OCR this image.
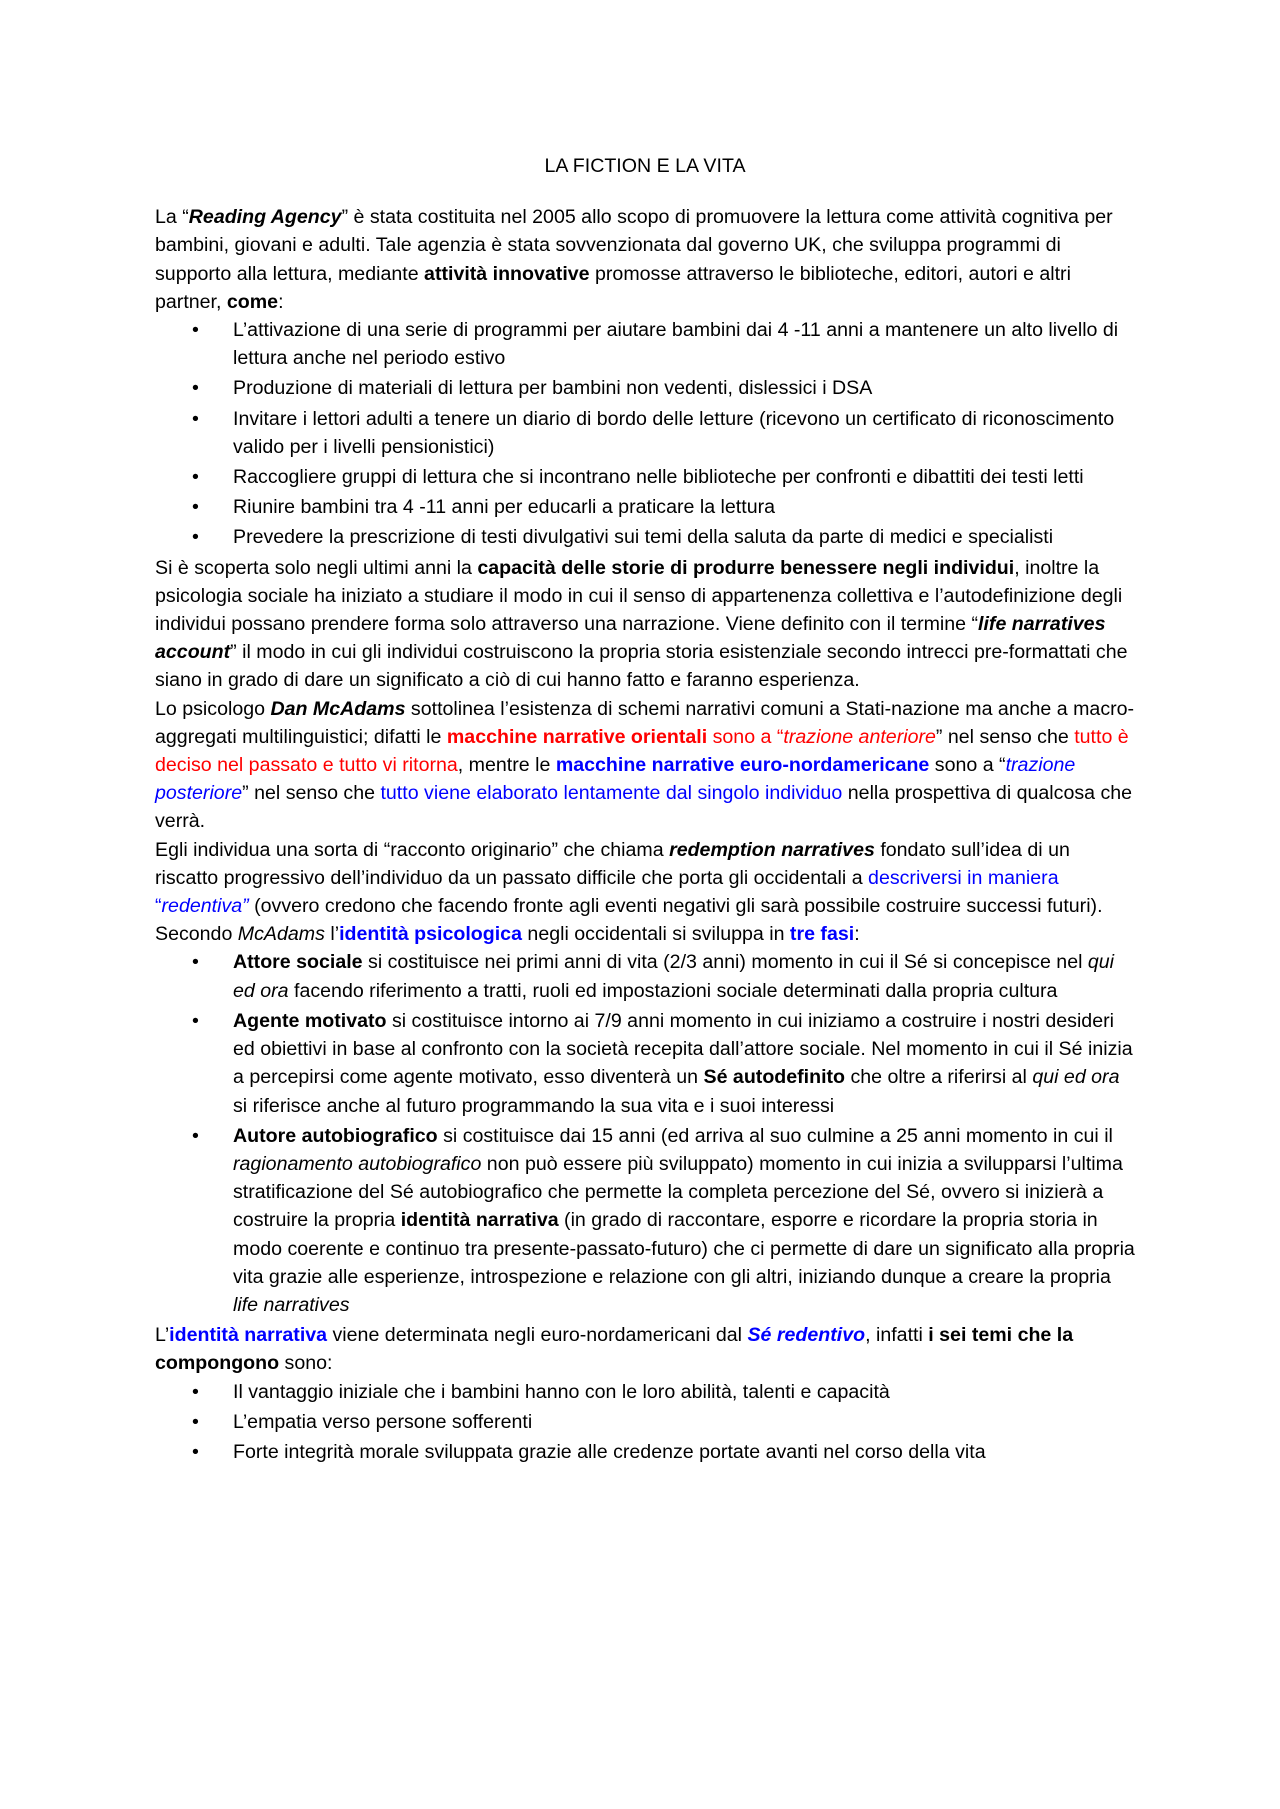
LA FICTION E LA VITA

La “Reading Agency” è stata costituita nel 2005 allo scopo di promuovere la lettura come attività cognitiva per bambini, giovani e adulti. Tale agenzia è stata sovvenzionata dal governo UK, che sviluppa programmi di supporto alla lettura, mediante attività innovative promosse attraverso le biblioteche, editori, autori e altri partner, come:

• L’attivazione di una serie di programmi per aiutare bambini dai 4 -11 anni a mantenere un alto livello di lettura anche nel periodo estivo
• Produzione di materiali di lettura per bambini non vedenti, dislessici i DSA
• Invitare i lettori adulti a tenere un diario di bordo delle letture (ricevono un certificato di riconoscimento valido per i livelli pensionistici)
• Raccogliere gruppi di lettura che si incontrano nelle biblioteche per confronti e dibattiti dei testi letti
• Riunire bambini tra 4 -11 anni per educarli a praticare la lettura
• Prevedere la prescrizione di testi divulgativi sui temi della saluta da parte di medici e specialisti

Si è scoperta solo negli ultimi anni la capacità delle storie di produrre benessere negli individui, inoltre la psicologia sociale ha iniziato a studiare il modo in cui il senso di appartenenza collettiva e l’autodefinizione degli individui possano prendere forma solo attraverso una narrazione. Viene definito con il termine “life narratives account” il modo in cui gli individui costruiscono la propria storia esistenziale secondo intrecci pre-formattati che siano in grado di dare un significato a ciò di cui hanno fatto e faranno esperienza.

Lo psicologo Dan McAdams sottolinea l’esistenza di schemi narrativi comuni a Stati-nazione ma anche a macro-aggregati multilinguistici; difatti le macchine narrative orientali sono a “trazione anteriore” nel senso che tutto è deciso nel passato e tutto vi ritorna, mentre le macchine narrative euro-nordamericane sono a “trazione posteriore” nel senso che tutto viene elaborato lentamente dal singolo individuo nella prospettiva di qualcosa che verrà.

Egli individua una sorta di “racconto originario” che chiama redemption narratives fondato sull’idea di un riscatto progressivo dell’individuo da un passato difficile che porta gli occidentali a descriversi in maniera “redentiva” (ovvero credono che facendo fronte agli eventi negativi gli sarà possibile costruire successi futuri).

Secondo McAdams l’identità psicologica negli occidentali si sviluppa in tre fasi:

• Attore sociale si costituisce nei primi anni di vita (2/3 anni) momento in cui il Sé si concepisce nel qui ed ora facendo riferimento a tratti, ruoli ed impostazioni sociale determinati dalla propria cultura
• Agente motivato si costituisce intorno ai 7/9 anni momento in cui iniziamo a costruire i nostri desideri ed obiettivi in base al confronto con la società recepita dall’attore sociale. Nel momento in cui il Sé inizia a percepirsi come agente motivato, esso diventerà un Sé autodefinito che oltre a riferirsi al qui ed ora si riferisce anche al futuro programmando la sua vita e i suoi interessi
• Autore autobiografico si costituisce dai 15 anni (ed arriva al suo culmine a 25 anni momento in cui il ragionamento autobiografico non può essere più sviluppato) momento in cui inizia a svilupparsi l’ultima stratificazione del Sé autobiografico che permette la completa percezione del Sé, ovvero si inizierà a costruire la propria identità narrativa (in grado di raccontare, esporre e ricordare la propria storia in modo coerente e continuo tra presente-passato-futuro) che ci permette di dare un significato alla propria vita grazie alle esperienze, introspezione e relazione con gli altri, iniziando dunque a creare la propria life narratives

L’identità narrativa viene determinata negli euro-nordamericani dal Sé redentivo, infatti i sei temi che la compongono sono:

• Il vantaggio iniziale che i bambini hanno con le loro abilità, talenti e capacità
• L’empatia verso persone sofferenti
• Forte integrità morale sviluppata grazie alle credenze portate avanti nel corso della vita
